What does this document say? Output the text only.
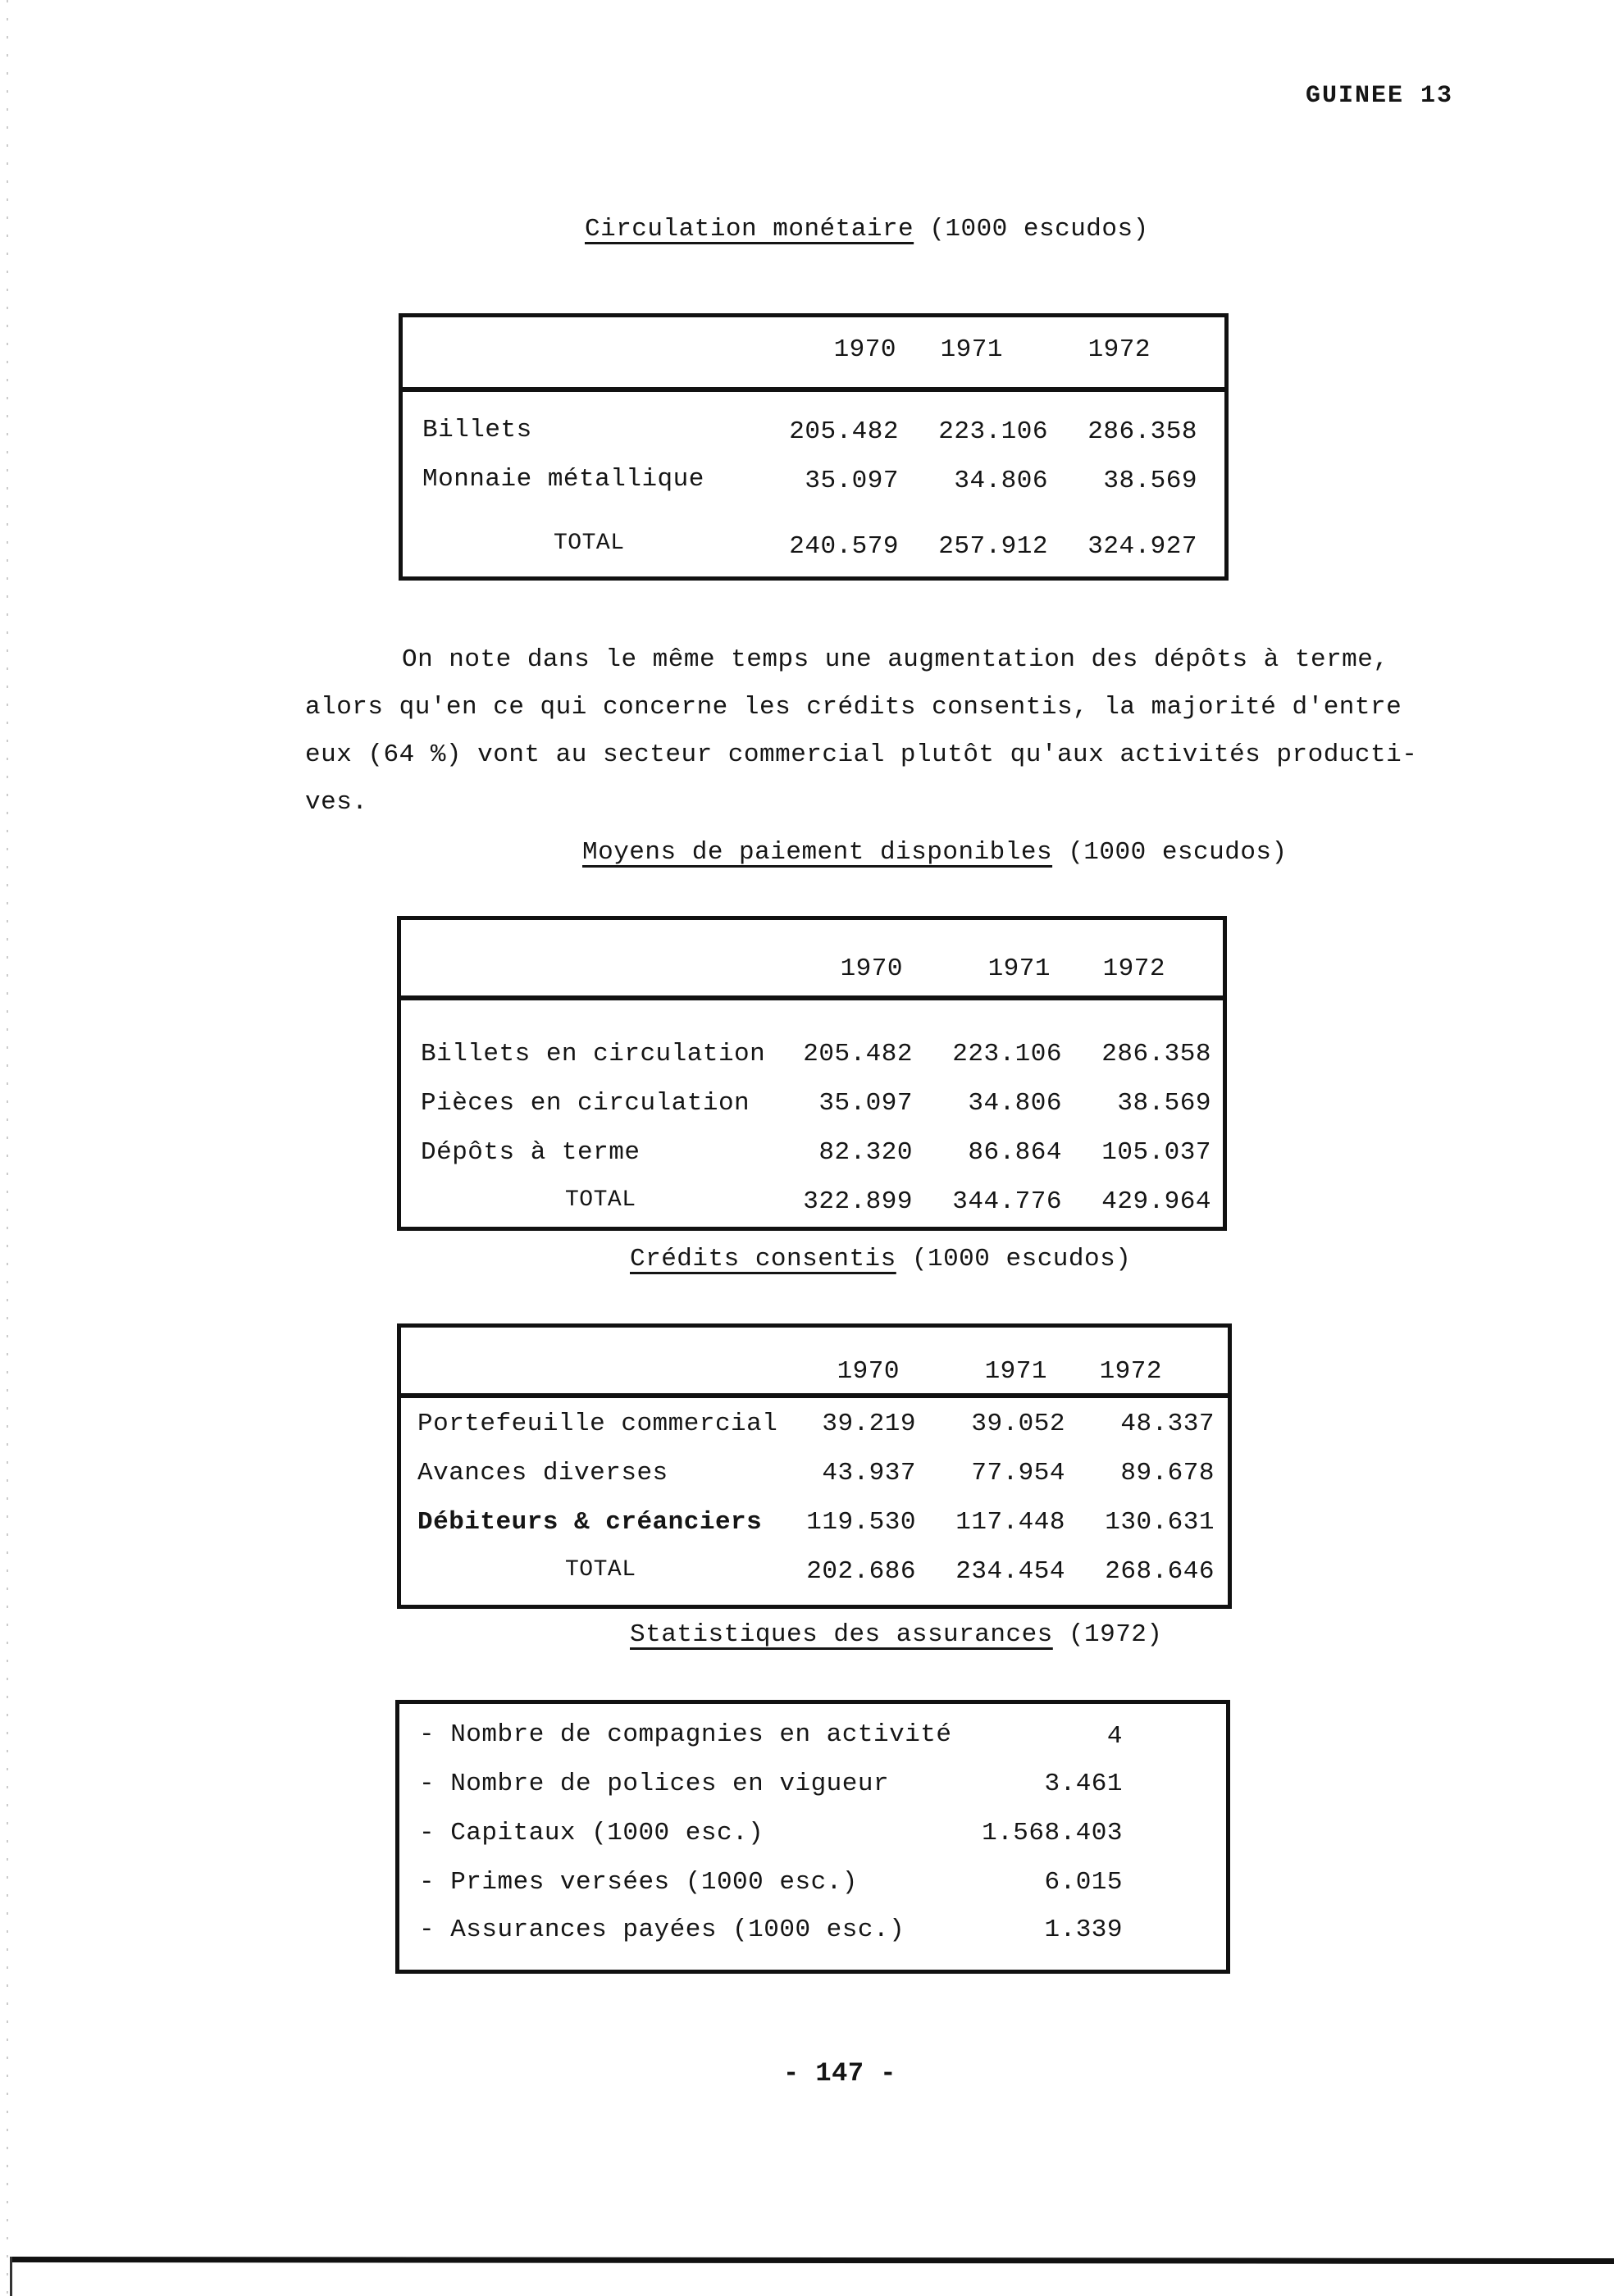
GUINEE 13
Circulation monétaire (1000 escudos)
1970	1971	1972
Billets	205.482	223.106	286.358
Monnaie métallique	35.097	34.806	38.569
TOTAL	240.579	257.912	324.927
On note dans le même temps une augmentation des dépôts à terme,
alors qu'en ce qui concerne les crédits consentis, la majorité d'entre
eux (64 %) vont au secteur commercial plutôt qu'aux activités producti-
ves.
Moyens de paiement disponibles (1000 escudos)
1970	1971	1972
Billets en circulation	205.482	223.106	286.358
Pièces en circulation	35.097	34.806	38.569
Dépôts à terme	82.320	86.864	105.037
TOTAL	322.899	344.776	429.964
Crédits consentis (1000 escudos)
1970	1971	1972
Portefeuille commercial	39.219	39.052	48.337
Avances diverses	43.937	77.954	89.678
Débiteurs & créanciers	119.530	117.448	130.631
TOTAL	202.686	234.454	268.646
Statistiques des assurances (1972)
- Nombre de compagnies en activité	4
- Nombre de polices en vigueur	3.461
- Capitaux (1000 esc.)	1.568.403
- Primes versées (1000 esc.)	6.015
- Assurances payées (1000 esc.)	1.339
- 147 -
